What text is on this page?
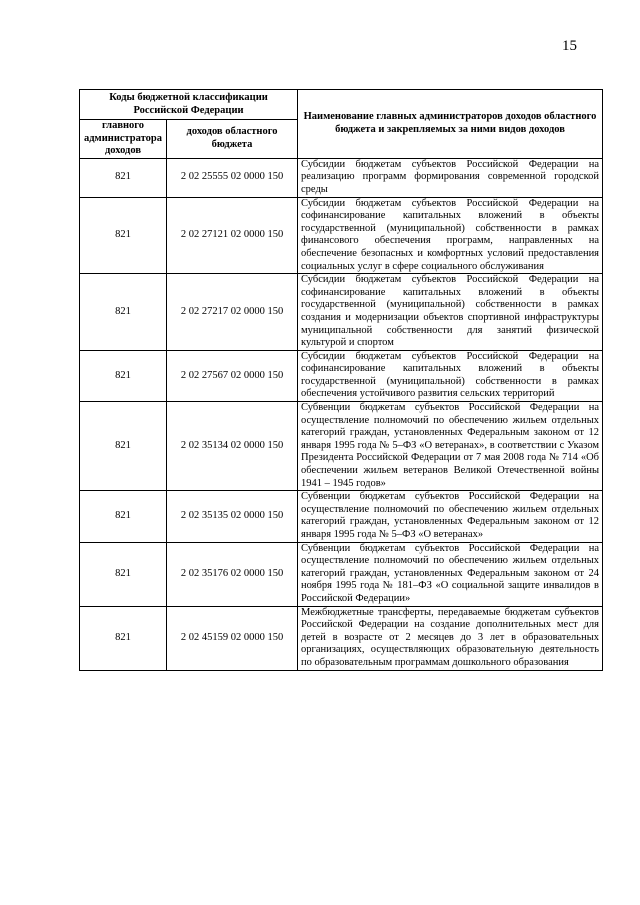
15
Коды бюджетной классификации Российской Федерации		Наименование главных администраторов доходов областного бюджета и закрепляемых за ними видов доходов
главного администратора доходов	доходов областного бюджета	
821	2 02 25555 02 0000 150	Субсидии бюджетам субъектов Российской Федерации на реализацию программ формирования современной городской среды
821	2 02 27121 02 0000 150	Субсидии бюджетам субъектов Российской Федерации на софинансирование капитальных вложений в объекты государственной (муниципальной) собственности в рамках финансового обеспечения программ, направленных на обеспечение безопасных и комфортных условий предоставления социальных услуг в сфере социального обслуживания
821	2 02 27217 02 0000 150	Субсидии бюджетам субъектов Российской Федерации на софинансирование капитальных вложений в объекты государственной (муниципальной) собственности в рамках создания и модернизации объектов спортивной инфраструктуры муниципальной собственности для занятий физической культурой и спортом
821	2 02 27567 02 0000 150	Субсидии бюджетам субъектов Российской Федерации на софинансирование капитальных вложений в объекты государственной (муниципальной) собственности в рамках обеспечения устойчивого развития сельских территорий
821	2 02 35134 02 0000 150	Субвенции бюджетам субъектов Российской Федерации на осуществление полномочий по обеспечению жильем отдельных категорий граждан, установленных Федеральным законом от 12 января 1995 года № 5–ФЗ «О ветеранах», в соответствии с Указом Президента Российской Федерации от 7 мая 2008 года № 714 «Об обеспечении жильем ветеранов Великой Отечественной войны 1941 – 1945 годов»
821	2 02 35135 02 0000 150	Субвенции бюджетам субъектов Российской Федерации на осуществление полномочий по обеспечению жильем отдельных категорий граждан, установленных Федеральным законом от 12 января 1995 года № 5–ФЗ «О ветеранах»
821	2 02 35176 02 0000 150	Субвенции бюджетам субъектов Российской Федерации на осуществление полномочий по обеспечению жильем отдельных категорий граждан, установленных Федеральным законом от 24 ноября 1995 года № 181–ФЗ «О социальной защите инвалидов в Российской Федерации»
821	2 02 45159 02 0000 150	Межбюджетные трансферты, передаваемые бюджетам субъектов Российской Федерации на создание дополнительных мест для детей в возрасте от 2 месяцев до 3 лет в образовательных организациях, осуществляющих образовательную деятельность по образовательным программам дошкольного образования
